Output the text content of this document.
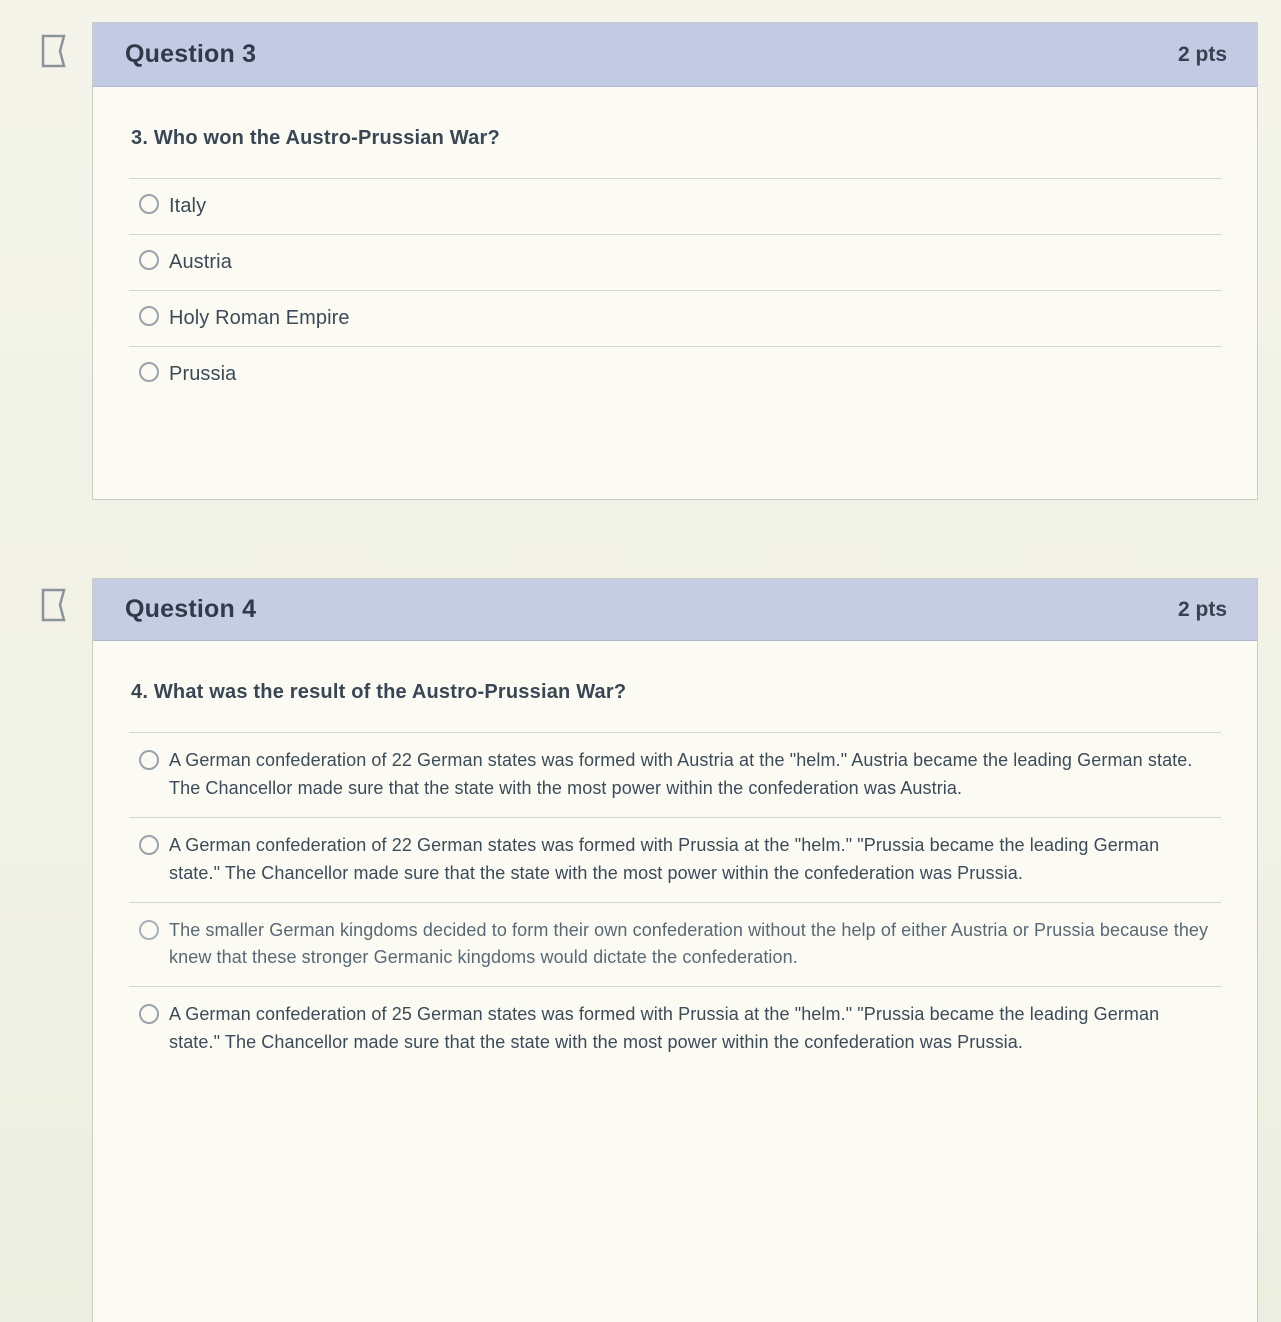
Question 3	2 pts

3. Who won the Austro-Prussian War?

Italy
Austria
Holy Roman Empire
Prussia
Question 4	2 pts

4. What was the result of the Austro-Prussian War?

A German confederation of 22 German states was formed with Austria at the "helm." Austria became the leading German state. The Chancellor made sure that the state with the most power within the confederation was Austria.
A German confederation of 22 German states was formed with Prussia at the "helm." "Prussia became the leading German state." The Chancellor made sure that the state with the most power within the confederation was Prussia.
The smaller German kingdoms decided to form their own confederation without the help of either Austria or Prussia because they knew that these stronger Germanic kingdoms would dictate the confederation.
A German confederation of 25 German states was formed with Prussia at the "helm." "Prussia became the leading German state." The Chancellor made sure that the state with the most power within the confederation was Prussia.
